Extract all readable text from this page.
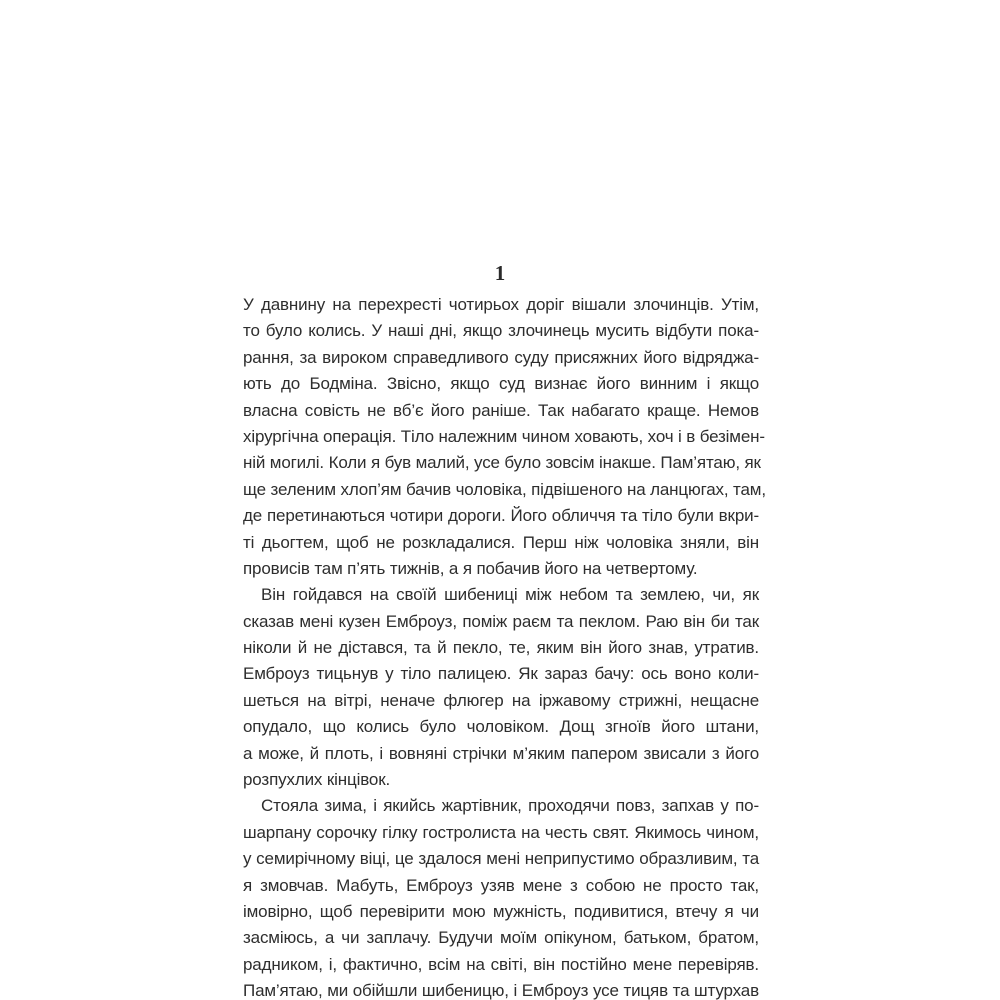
1
У давнину на перехресті чотирьох доріг вішали злочинців. Утім,
то було колись. У наші дні, якщо злочинець мусить відбути пока-
рання, за вироком справедливого суду присяжних його відряджа-
ють до Бодміна. Звісно, якщо суд визнає його винним і якщо
власна совість не вб’є його раніше. Так набагато краще. Немов
хірургічна операція. Тіло належним чином ховають, хоч і в безімен-
ній могилі. Коли я був малий, усе було зовсім інакше. Пам’ятаю, як
ще зеленим хлоп’ям бачив чоловіка, підвішеного на ланцюгах, там,
де перетинаються чотири дороги. Його обличчя та тіло були вкри-
ті дьогтем, щоб не розкладалися. Перш ніж чоловіка зняли, він
провисів там п’ять тижнів, а я побачив його на четвертому.
Він гойдався на своїй шибениці між небом та землею, чи, як
сказав мені кузен Емброуз, поміж раєм та пеклом. Раю він би так
ніколи й не дістався, та й пекло, те, яким він його знав, утратив.
Емброуз тицьнув у тіло палицею. Як зараз бачу: ось воно коли-
шеться на вітрі, неначе флюгер на іржавому стрижні, нещасне
опудало, що колись було чоловіком. Дощ згноїв його штани,
а може, й плоть, і вовняні стрічки м’яким папером звисали з його
розпухлих кінцівок.
Стояла зима, і якийсь жартівник, проходячи повз, запхав у по-
шарпану сорочку гілку гостролиста на честь свят. Якимось чином,
у семирічному віці, це здалося мені неприпустимо образливим, та
я змовчав. Мабуть, Емброуз узяв мене з собою не просто так,
імовірно, щоб перевірити мою мужність, подивитися, втечу я чи
засміюсь, а чи заплачу. Будучи моїм опікуном, батьком, братом,
радником, і, фактично, всім на світі, він постійно мене перевіряв.
Пам’ятаю, ми обійшли шибеницю, і Емброуз усе тицяв та штурхав
